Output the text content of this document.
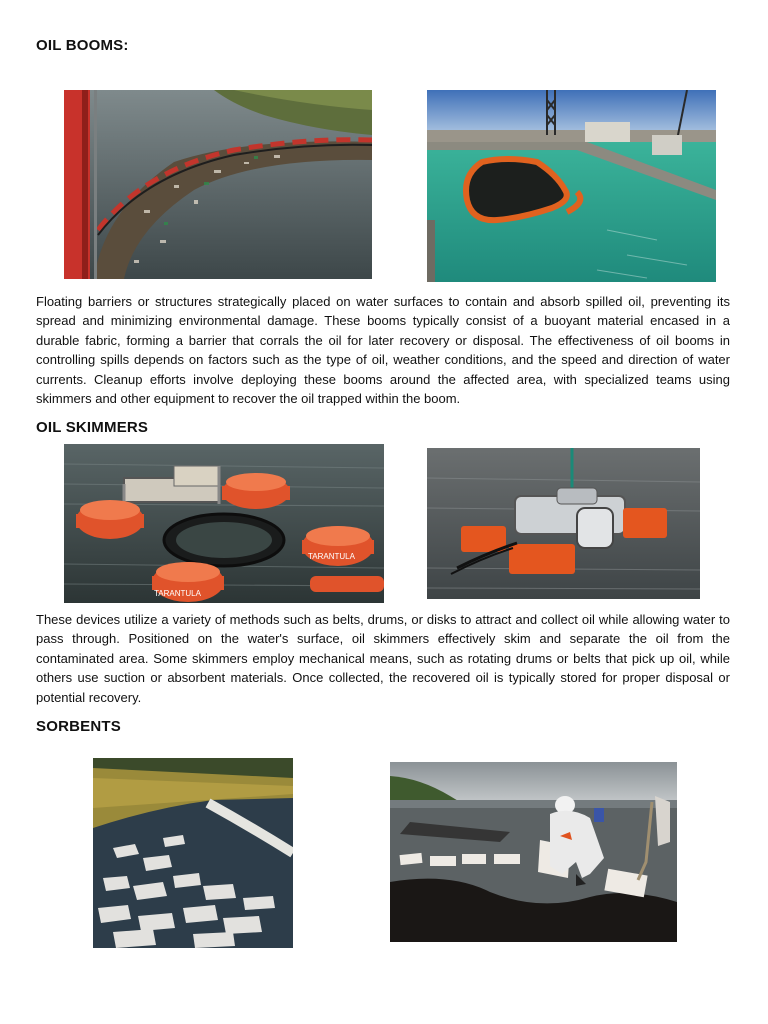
OIL BOOMS:

Floating barriers or structures strategically placed on water surfaces to contain and absorb spilled oil, preventing its spread and minimizing environmental damage. These booms typically consist of a buoyant material encased in a durable fabric, forming a barrier that corrals the oil for later recovery or disposal. The effectiveness of oil booms in controlling spills depends on factors such as the type of oil, weather conditions, and the speed and direction of water currents. Cleanup efforts involve deploying these booms around the affected area, with specialized teams using skimmers and other equipment to recover the oil trapped within the boom.

OIL SKIMMERS
TARANTULA
TARANTULA

These devices utilize a variety of methods such as belts, drums, or disks to attract and collect oil while allowing water to pass through. Positioned on the water's surface, oil skimmers effectively skim and separate the oil from the contaminated area. Some skimmers employ mechanical means, such as rotating drums or belts that pick up oil, while others use suction or absorbent materials. Once collected, the recovered oil is typically stored for proper disposal or potential recovery.

SORBENTS
